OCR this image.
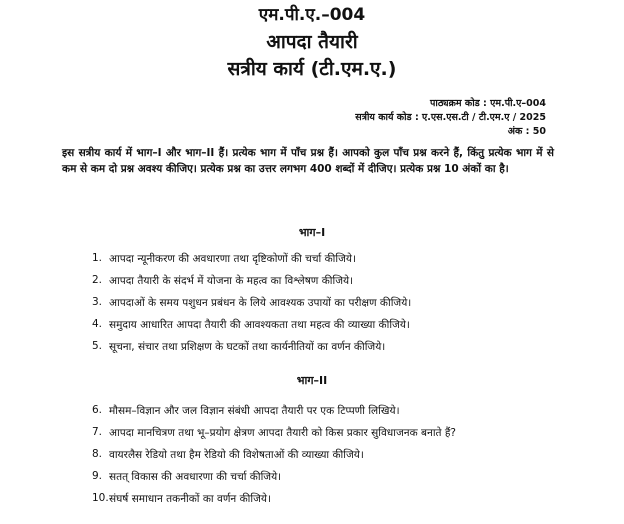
एम.पी.ए.–004
आपदा तैयारी
सत्रीय कार्य (टी.एम.ए.)
पाठ्यक्रम कोड : एम.पी.ए–004
सत्रीय कार्य कोड : ए.एस.एस.टी / टी.एम.ए / 2025
अंक : 50
इस सत्रीय कार्य में भाग–I और भाग–II हैं। प्रत्येक भाग में पाँच प्रश्न हैं। आपको कुल पाँच प्रश्न करने हैं, किंतु प्रत्येक भाग में से कम से कम दो प्रश्न अवश्य कीजिए। प्रत्येक प्रश्न का उत्तर लगभग 400 शब्दों में दीजिए। प्रत्येक प्रश्न 10 अंकों का है।
भाग–I
1. आपदा न्यूनीकरण की अवधारणा तथा दृष्टिकोणों की चर्चा कीजिये।
2. आपदा तैयारी के संदर्भ में योजना के महत्व का विश्लेषण कीजिये।
3. आपदाओं के समय पशुधन प्रबंधन के लिये आवश्यक उपायों का परीक्षण कीजिये।
4. समुदाय आधारित आपदा तैयारी की आवश्यकता तथा महत्व की व्याख्या कीजिये।
5. सूचना, संचार तथा प्रशिक्षण के घटकों तथा कार्यनीतियों का वर्णन कीजिये।
भाग–II
6. मौसम–विज्ञान और जल विज्ञान संबंधी आपदा तैयारी पर एक टिप्पणी लिखिये।
7. आपदा मानचित्रण तथा भू–प्रयोग क्षेत्रण आपदा तैयारी को किस प्रकार सुविधाजनक बनाते हैं?
8. वायरलैस रेडियो तथा हैम रेडियो की विशेषताओं की व्याख्या कीजिये।
9. सतत् विकास की अवधारणा की चर्चा कीजिये।
10. संघर्ष समाधान तकनीकों का वर्णन कीजिये।
